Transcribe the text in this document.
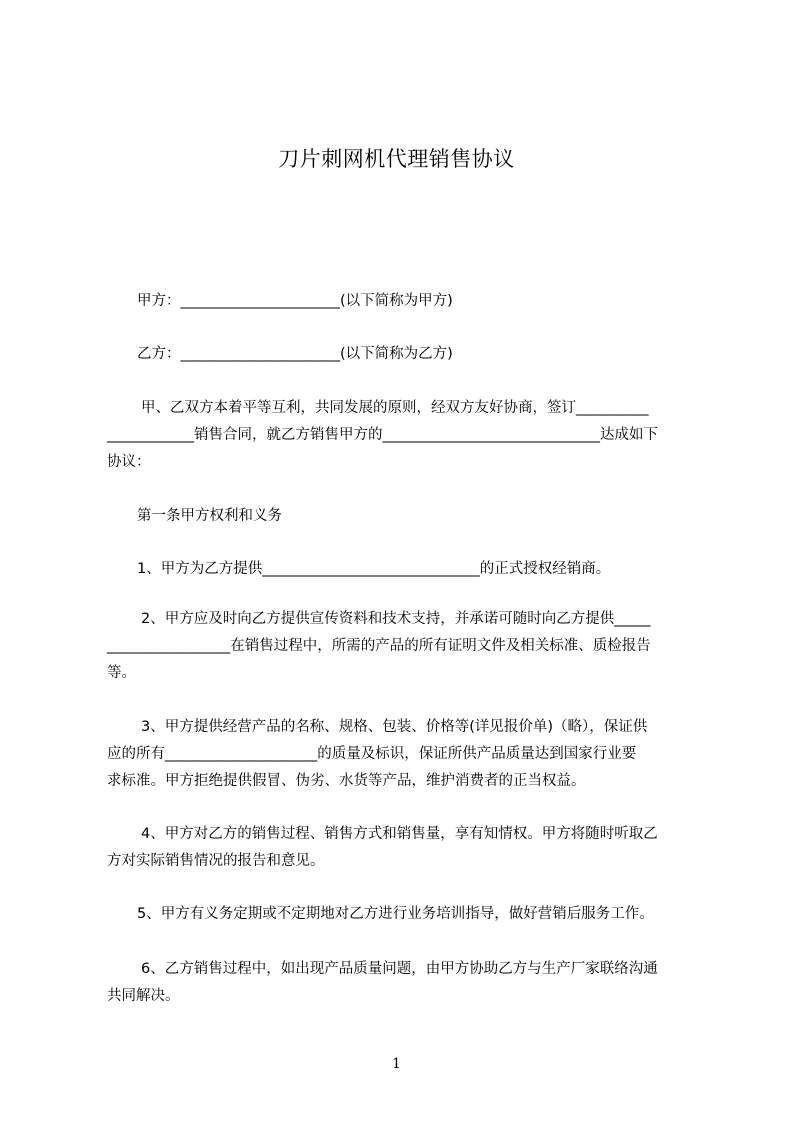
刀片刺网机代理销售协议
甲方：______________________(以下简称为甲方)
乙方：______________________(以下简称为乙方)
甲、乙双方本着平等互利，共同发展的原则，经双方友好协商，签订__________
____________销售合同，就乙方销售甲方的______________________________达成如下
协议：
第一条甲方权利和义务
1、甲方为乙方提供______________________________的正式授权经销商。
2、甲方应及时向乙方提供宣传资料和技术支持，并承诺可随时向乙方提供_____
_________________在销售过程中，所需的产品的所有证明文件及相关标准、质检报告
等。
3、甲方提供经营产品的名称、规格、包装、价格等(详见报价单)（略），保证供
应的所有_____________________的质量及标识，保证所供产品质量达到国家行业要
求标准。甲方拒绝提供假冒、伪劣、水货等产品，维护消费者的正当权益。
4、甲方对乙方的销售过程、销售方式和销售量，享有知情权。甲方将随时听取乙
方对实际销售情况的报告和意见。
5、甲方有义务定期或不定期地对乙方进行业务培训指导，做好营销后服务工作。
6、乙方销售过程中，如出现产品质量问题，由甲方协助乙方与生产厂家联络沟通
共同解决。
1
